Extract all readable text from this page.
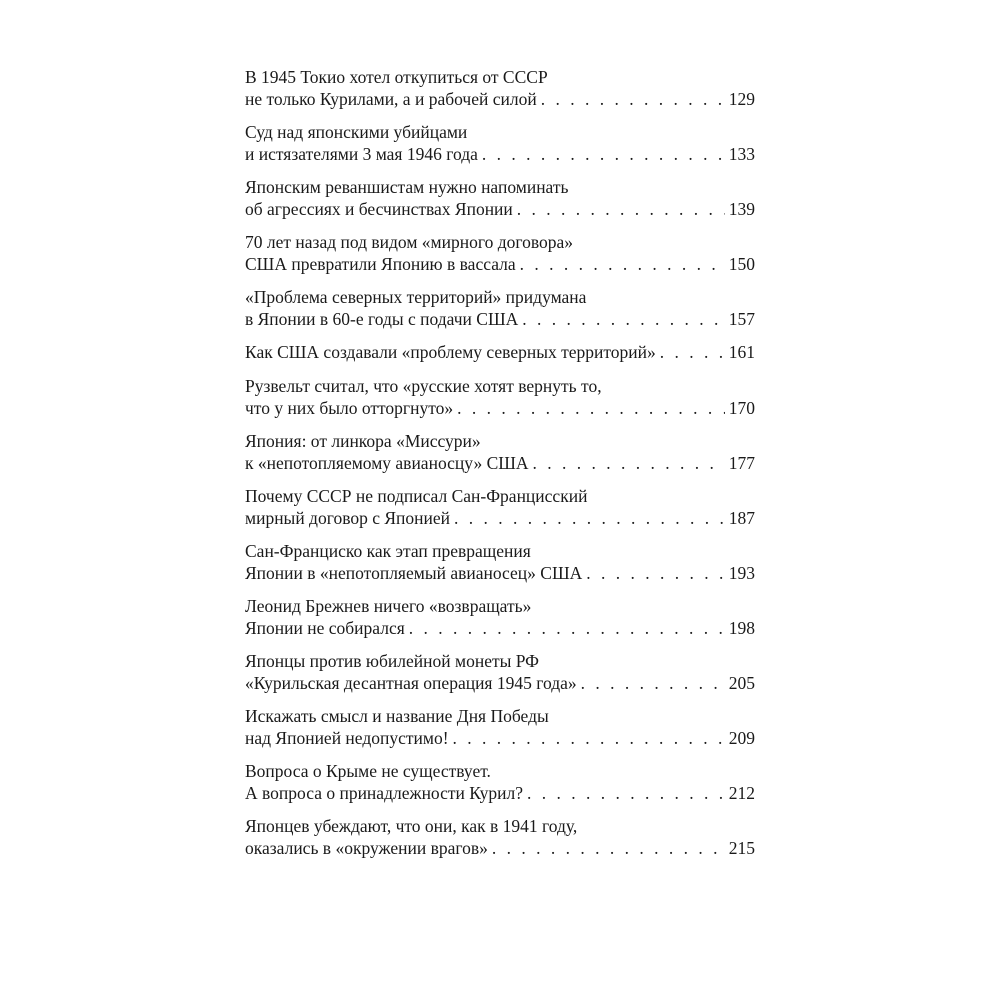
В 1945 Токио хотел откупиться от СССР
не только Курилами, а и рабочей силой . . .	129
Суд над японскими убийцами
и истязателями 3 мая 1946 года . . .	133
Японским реваншистам нужно напоминать
об агрессиях и бесчинствах Японии . . .	139
70 лет назад под видом «мирного договора»
США превратили Японию в вассала . . .	150
«Проблема северных территорий» придумана
в Японии в 60-е годы с подачи США . . .	157
Как США создавали «проблему северных территорий» . . .	161
Рузвельт считал, что «русские хотят вернуть то,
что у них было отторгнуто» . . .	170
Япония: от линкора «Миссури»
к «непотопляемому авианосцу» США . . .	177
Почему СССР не подписал Сан-Францисский
мирный договор с Японией . . .	187
Сан-Франциско как этап превращения
Японии в «непотопляемый авианосец» США . . .	193
Леонид Брежнев ничего «возвращать»
Японии не собирался . . .	198
Японцы против юбилейной монеты РФ
«Курильская десантная операция 1945 года» . . .	205
Искажать смысл и название Дня Победы
над Японией недопустимо! . . .	209
Вопроса о Крыме не существует.
А вопроса о принадлежности Курил? . . .	212
Японцев убеждают, что они, как в 1941 году,
оказались в «окружении врагов» . . .	215
